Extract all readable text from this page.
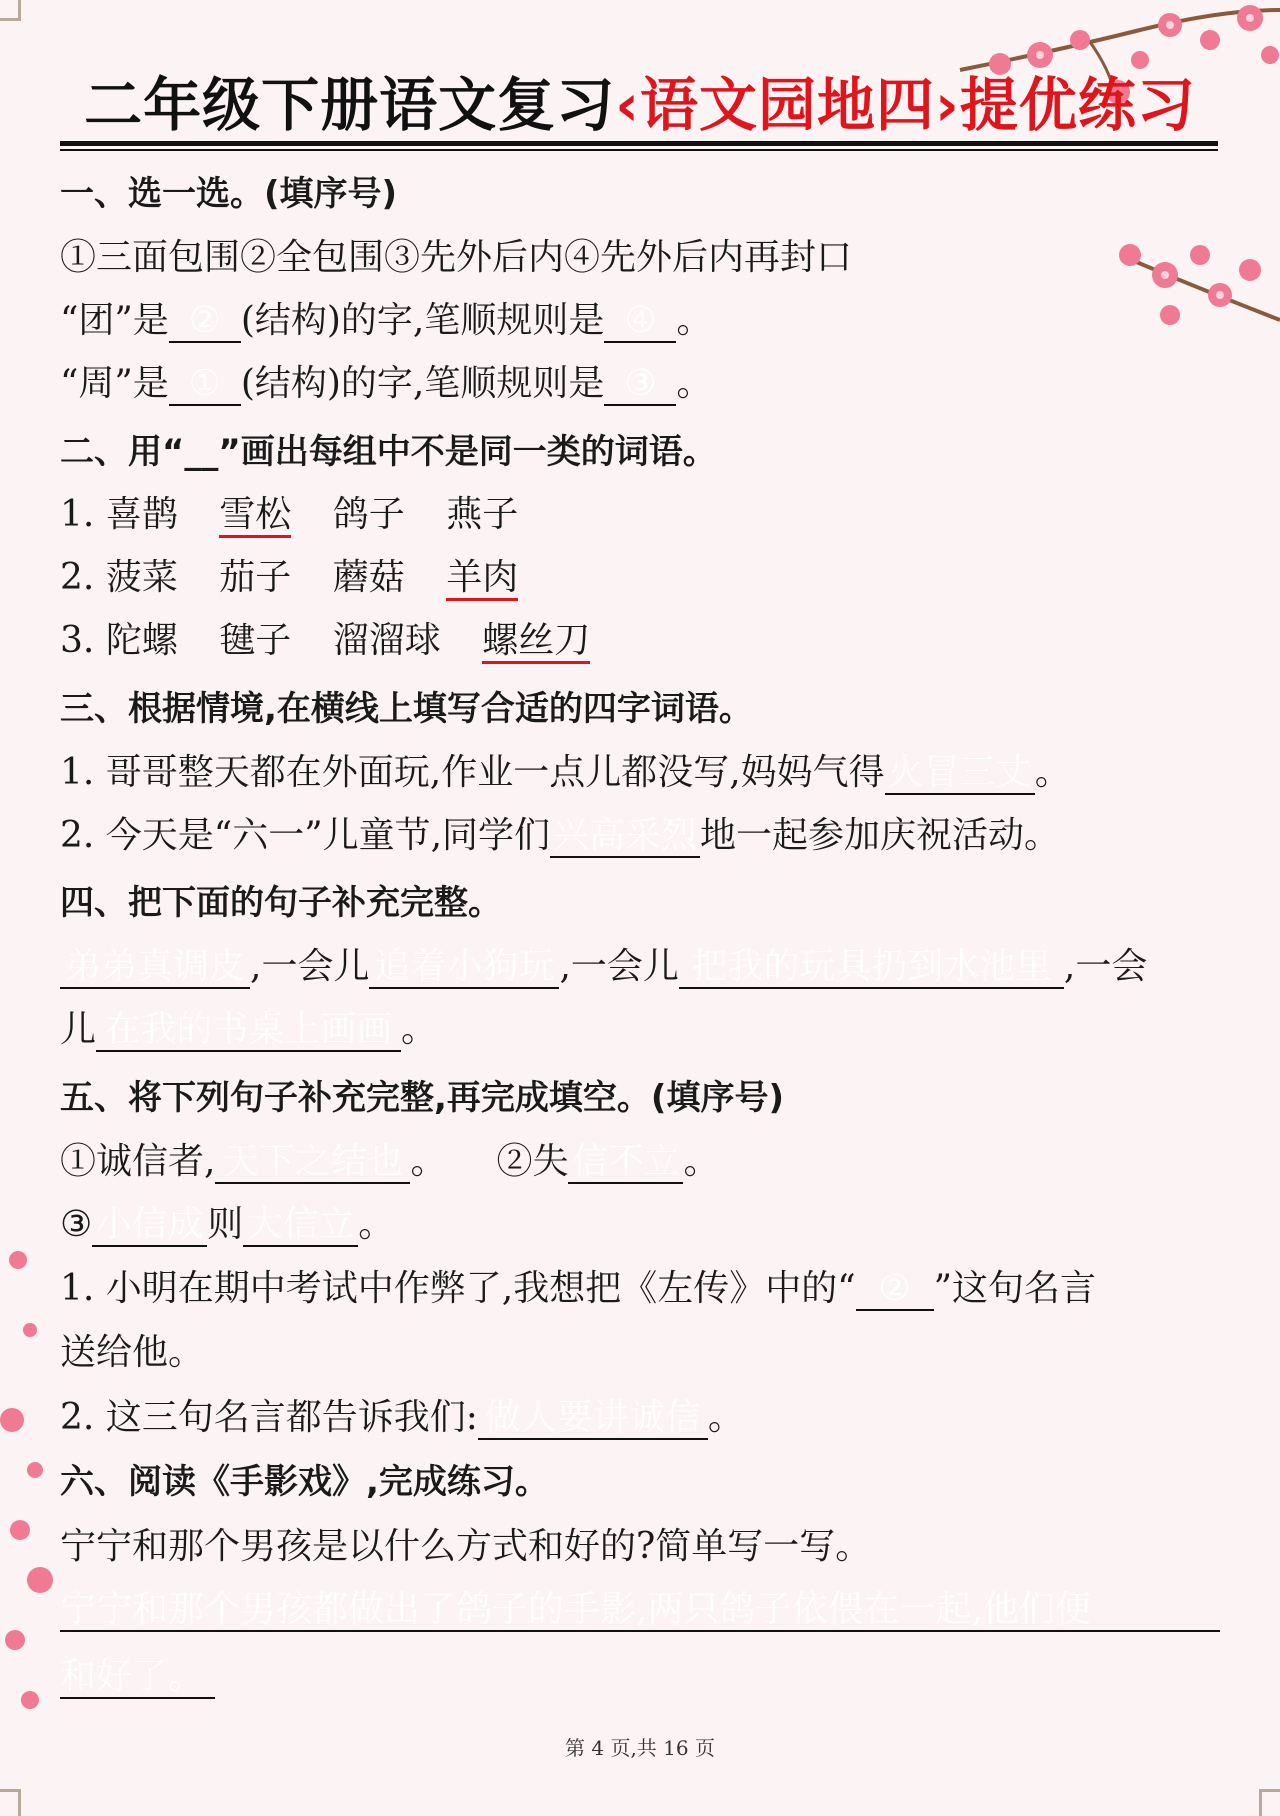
二年级下册语文复习‹语文园地四›提优练习
一、选一选。(填序号)
①三面包围②全包围③先外后内④先外后内再封口
“团”是 ② (结构)的字,笔顺规则是 ④ 。
“周”是 ① (结构)的字,笔顺规则是 ③ 。
二、用“__”画出每组中不是同一类的词语。
1. 喜鹊 雪松 鸽子 燕子
2. 菠菜 茄子 蘑菇 羊肉
3. 陀螺 毽子 溜溜球 螺丝刀
三、根据情境,在横线上填写合适的四字词语。
1. 哥哥整天都在外面玩,作业一点儿都没写,妈妈气得火冒三丈。
2. 今天是“六一”儿童节,同学们兴高采烈地一起参加庆祝活动。
四、把下面的句子补充完整。
弟弟真调皮 ,一会儿 追着小狗玩 ,一会儿 把我的玩具扔到水池里 ,一会
儿 在我的书桌上画画 。
五、将下列句子补充完整,再完成填空。(填序号)
①诚信者, 天下之结也 。 ②失信不立。
③小信成则大信立。
1. 小明在期中考试中作弊了,我想把《左传》中的“ ② ”这句名言
送给他。
2. 这三句名言都告诉我们: 做人要讲诚信 。
六、阅读《手影戏》,完成练习。
宁宁和那个男孩是以什么方式和好的?简单写一写。
宁宁和那个男孩都做出了鸽子的手影,两只鸽子依偎在一起,他们便
和好了。
第 4 页,共 16 页
